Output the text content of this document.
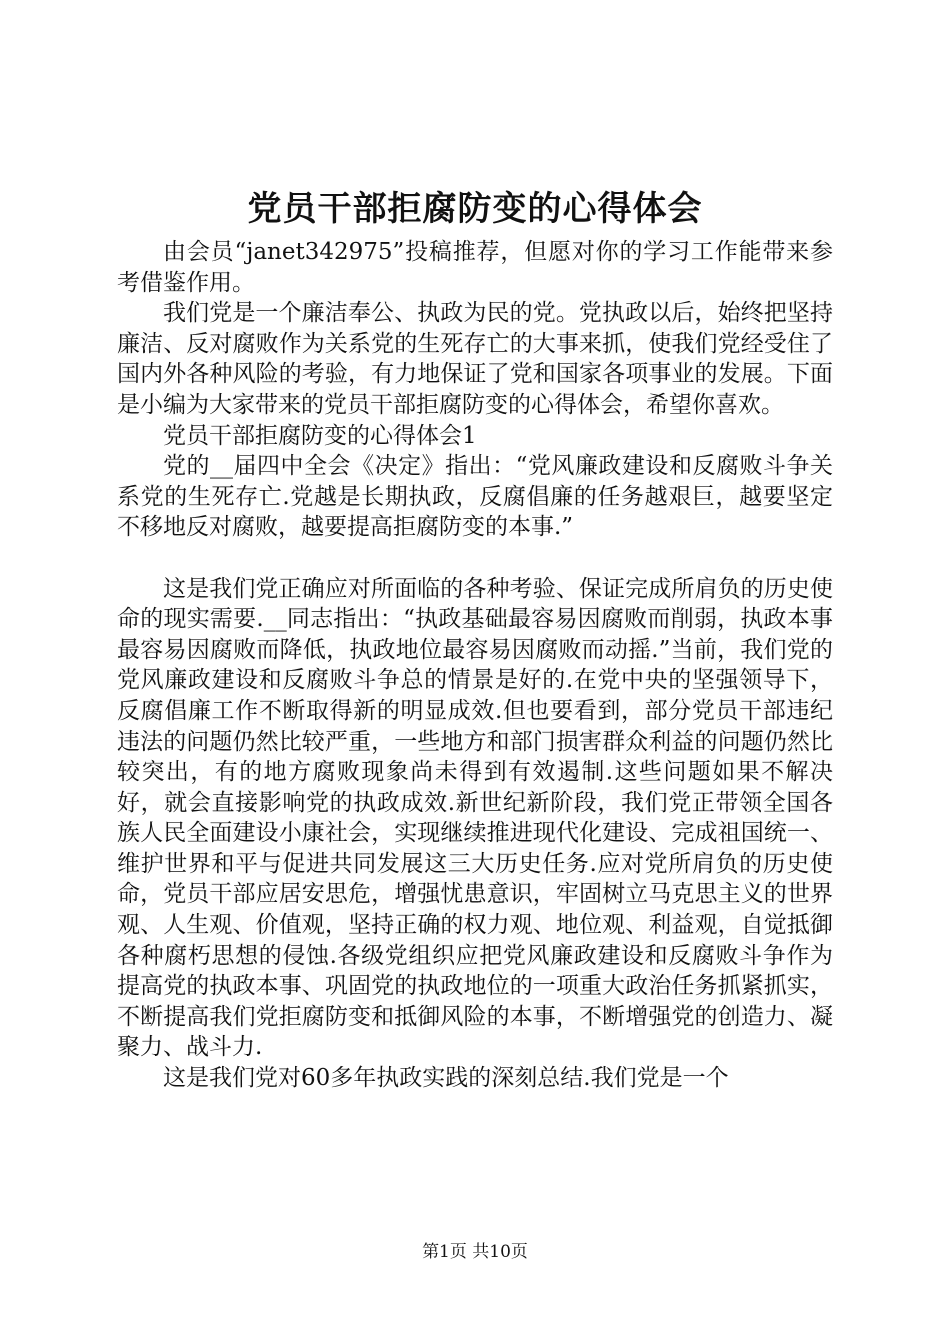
党员干部拒腐防变的心得体会

由会员“janet342975”投稿推荐，但愿对你的学习工作能带来参考借鉴作用。

我们党是一个廉洁奉公、执政为民的党。党执政以后，始终把坚持廉洁、反对腐败作为关系党的生死存亡的大事来抓，使我们党经受住了国内外各种风险的考验，有力地保证了党和国家各项事业的发展。下面是小编为大家带来的党员干部拒腐防变的心得体会，希望你喜欢。

党员干部拒腐防变的心得体会1

党的__届四中全会《决定》指出：“党风廉政建设和反腐败斗争关系党的生死存亡.党越是长期执政，反腐倡廉的任务越艰巨，越要坚定不移地反对腐败，越要提高拒腐防变的本事.”

这是我们党正确应对所面临的各种考验、保证完成所肩负的历史使命的现实需要.__同志指出：“执政基础最容易因腐败而削弱，执政本事最容易因腐败而降低，执政地位最容易因腐败而动摇.”当前，我们党的党风廉政建设和反腐败斗争总的情景是好的.在党中央的坚强领导下，反腐倡廉工作不断取得新的明显成效.但也要看到，部分党员干部违纪违法的问题仍然比较严重，一些地方和部门损害群众利益的问题仍然比较突出，有的地方腐败现象尚未得到有效遏制.这些问题如果不解决好，就会直接影响党的执政成效.新世纪新阶段，我们党正带领全国各族人民全面建设小康社会，实现继续推进现代化建设、完成祖国统一、维护世界和平与促进共同发展这三大历史任务.应对党所肩负的历史使命，党员干部应居安思危，增强忧患意识，牢固树立马克思主义的世界观、人生观、价值观，坚持正确的权力观、地位观、利益观，自觉抵御各种腐朽思想的侵蚀.各级党组织应把党风廉政建设和反腐败斗争作为提高党的执政本事、巩固党的执政地位的一项重大政治任务抓紧抓实，不断提高我们党拒腐防变和抵御风险的本事，不断增强党的创造力、凝聚力、战斗力.

这是我们党对60多年执政实践的深刻总结.我们党是一个

第1页 共10页
